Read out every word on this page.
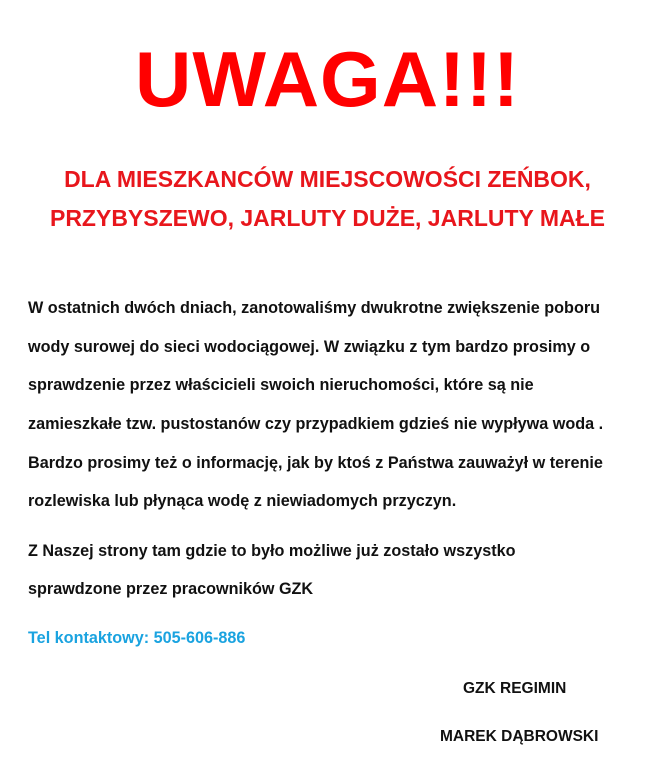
UWAGA!!!
DLA MIESZKANCÓW MIEJSCOWOŚCI ZEŃBOK,
PRZYBYSZEWO, JARLUTY DUŻE, JARLUTY MAŁE
W ostatnich dwóch dniach, zanotowaliśmy dwukrotne zwiększenie poboru
wody surowej do sieci wodociągowej. W związku z tym bardzo prosimy o
sprawdzenie przez właścicieli swoich nieruchomości, które są nie
zamieszkałe tzw. pustostanów czy przypadkiem gdzieś nie wypływa woda .
Bardzo prosimy też o informację, jak by ktoś z Państwa zauważył w terenie
rozlewiska lub płynąca wodę z niewiadomych przyczyn.
Z Naszej strony tam gdzie to było możliwe już zostało wszystko
sprawdzone przez pracowników GZK
Tel kontaktowy: 505-606-886
GZK REGIMIN
MAREK DĄBROWSKI
